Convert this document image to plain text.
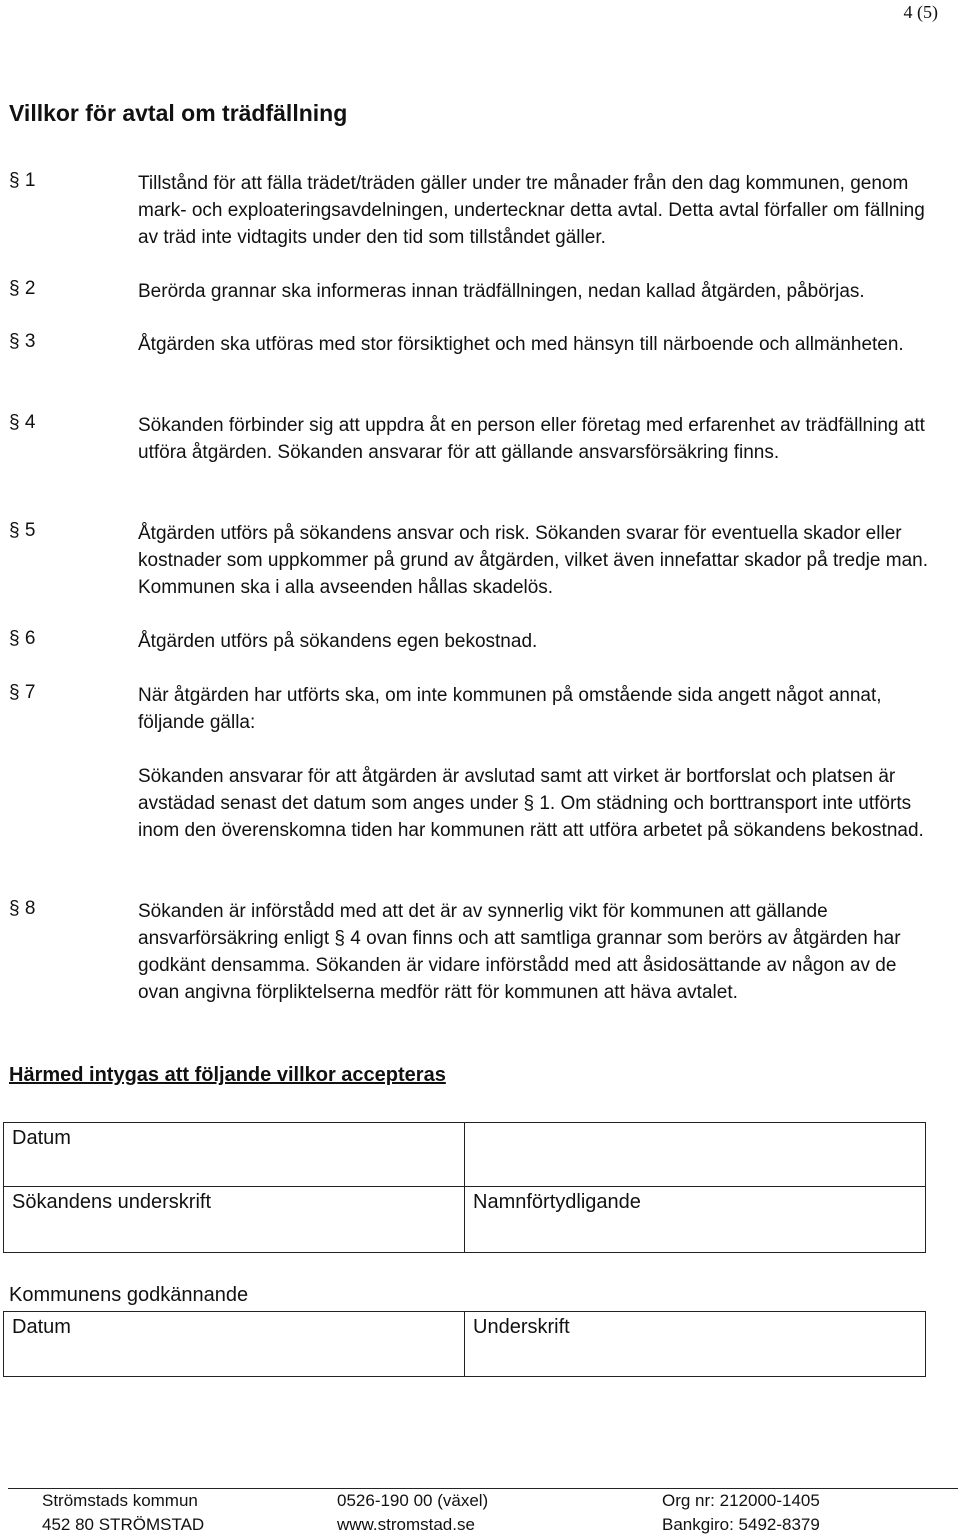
4 (5)
Villkor för avtal om trädfällning
§ 1	Tillstånd för att fälla trädet/träden gäller under tre månader från den dag kommunen, genom mark- och exploateringsavdelningen, undertecknar detta avtal. Detta avtal förfaller om fällning av träd inte vidtagits under den tid som tillståndet gäller.
§ 2	Berörda grannar ska informeras innan trädfällningen, nedan kallad åtgärden, påbörjas.
§ 3	Åtgärden ska utföras med stor försiktighet och med hänsyn till närboende och allmänheten.
§ 4	Sökanden förbinder sig att uppdra åt en person eller företag med erfarenhet av trädfällning att utföra åtgärden. Sökanden ansvarar för att gällande ansvarsförsäkring finns.
§ 5	Åtgärden utförs på sökandens ansvar och risk. Sökanden svarar för eventuella skador eller kostnader som uppkommer på grund av åtgärden, vilket även innefattar skador på tredje man. Kommunen ska i alla avseenden hållas skadelös.
§ 6	Åtgärden utförs på sökandens egen bekostnad.
§ 7	När åtgärden har utförts ska, om inte kommunen på omstående sida angett något annat, följande gälla:
Sökanden ansvarar för att åtgärden är avslutad samt att virket är bortforslat och platsen är avstädad senast det datum som anges under § 1. Om städning och borttransport inte utförts inom den överenskomna tiden har kommunen rätt att utföra arbetet på sökandens bekostnad.
§ 8	Sökanden är införstådd med att det är av synnerlig vikt för kommunen att gällande ansvarförsäkring enligt § 4 ovan finns och att samtliga grannar som berörs av åtgärden har godkänt densamma. Sökanden är vidare införstådd med att åsidosättande av någon av de ovan angivna förpliktelserna medför rätt för kommunen att häva avtalet.
Härmed intygas att följande villkor accepteras
Datum	
Sökandens underskrift	Namnförtydligande
Kommunens godkännande
Datum	Underskrift
Strömstads kommun
452 80 STRÖMSTAD
0526-190 00 (växel)
www.stromstad.se
Org nr: 212000-1405
Bankgiro: 5492-8379
